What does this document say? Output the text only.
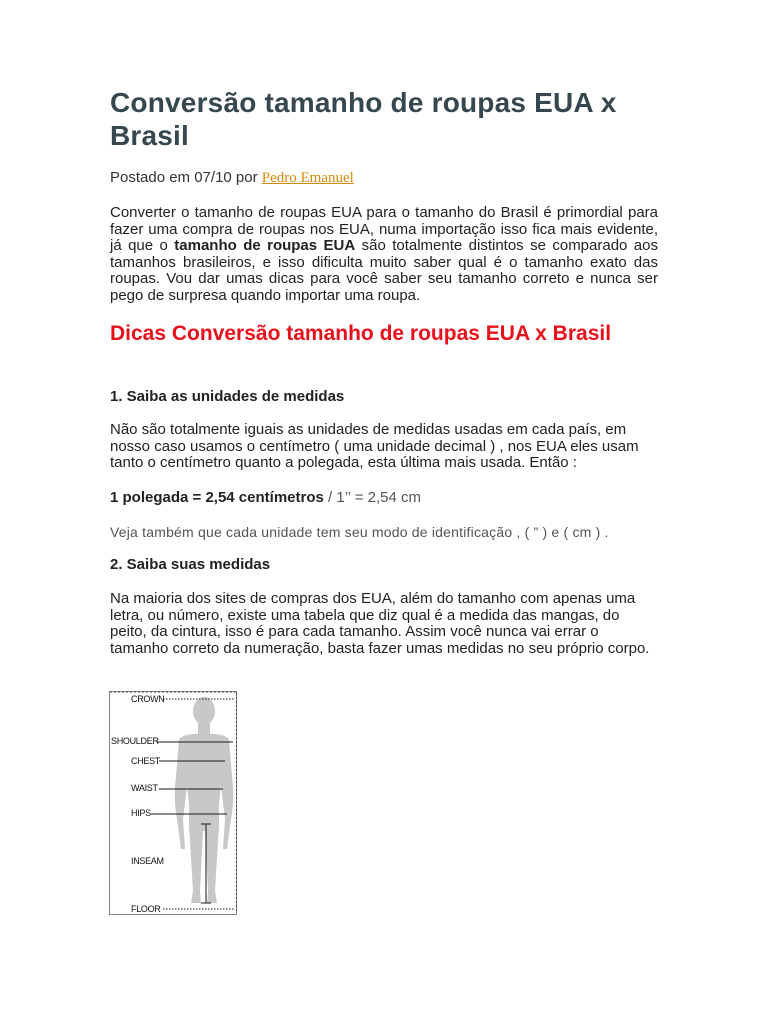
Conversão tamanho de roupas EUA x Brasil
Postado em 07/10 por Pedro Emanuel

Converter o tamanho de roupas EUA para o tamanho do Brasil é primordial para fazer uma compra de roupas nos EUA, numa importação isso fica mais evidente, já que o tamanho de roupas EUA são totalmente distintos se comparado aos tamanhos brasileiros, e isso dificulta muito saber qual é o tamanho exato das roupas. Vou dar umas dicas para você saber seu tamanho correto e nunca ser pego de surpresa quando importar uma roupa.

Dicas Conversão tamanho de roupas EUA x Brasil
1. Saiba as unidades de medidas

Não são totalmente iguais as unidades de medidas usadas em cada país, em nosso caso usamos o centímetro ( uma unidade decimal ) , nos EUA eles usam tanto o centímetro quanto a polegada, esta última mais usada. Então :

1 polegada = 2,54 centímetros / 1’’ = 2,54 cm
Veja também que cada unidade tem seu modo de identificação , ( ” ) e ( cm ) .
2. Saiba suas medidas

Na maioria dos sites de compras dos EUA, além do tamanho com apenas uma letra, ou número, existe uma tabela que diz qual é a medida das mangas, do peito, da cintura, isso é para cada tamanho. Assim você nunca vai errar o tamanho correto da numeração, basta fazer umas medidas no seu próprio corpo.

CROWN
SHOULDER
CHEST
WAIST
HIPS
INSEAM
FLOOR
